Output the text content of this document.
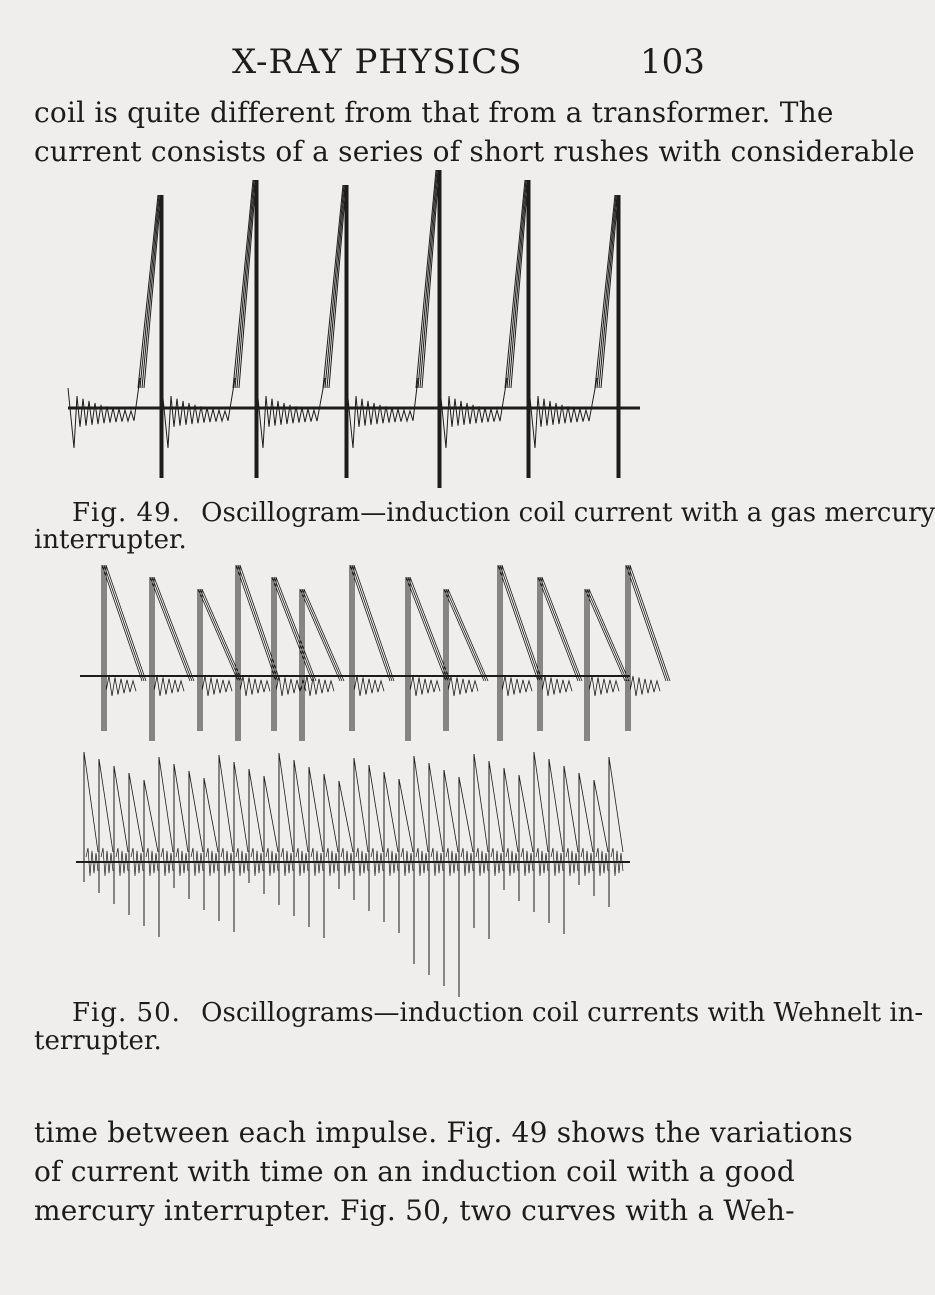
X-RAY PHYSICS	103
coil is quite different from that from a transformer. The
current consists of a series of short rushes with considerable
Fig. 49. Oscillogram—induction coil current with a gas mercury
interrupter.
Fig. 50. Oscillograms—induction coil currents with Wehnelt in-
terrupter.
time between each impulse. Fig. 49 shows the variations
of current with time on an induction coil with a good
mercury interrupter. Fig. 50, two curves with a Weh-
